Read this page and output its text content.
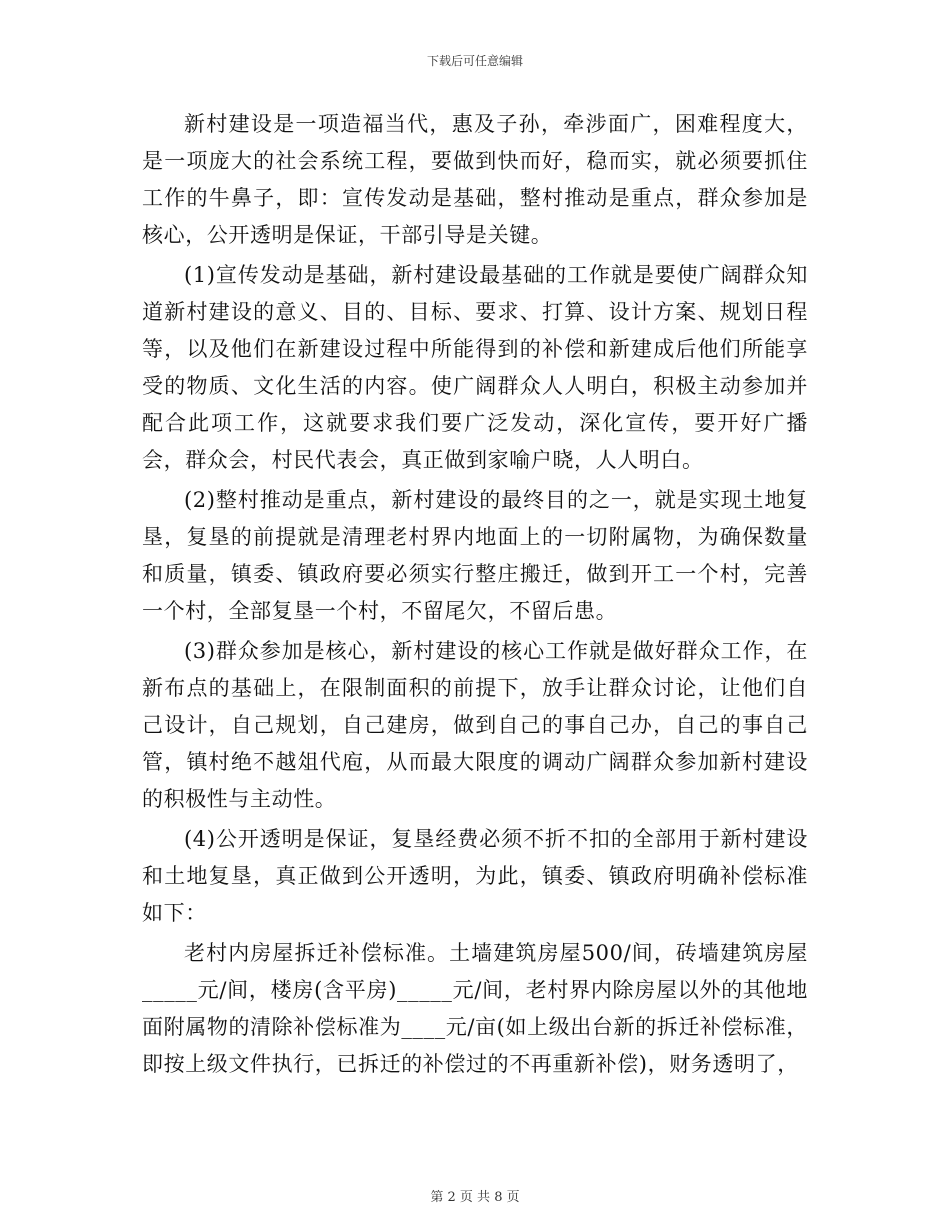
下载后可任意编辑

新村建设是一项造福当代，惠及子孙，牵涉面广，困难程度大，是一项庞大的社会系统工程，要做到快而好，稳而实，就必须要抓住工作的牛鼻子，即：宣传发动是基础，整村推动是重点，群众参加是核心，公开透明是保证，干部引导是关键。

(1)宣传发动是基础，新村建设最基础的工作就是要使广阔群众知道新村建设的意义、目的、目标、要求、打算、设计方案、规划日程等，以及他们在新建设过程中所能得到的补偿和新建成后他们所能享受的物质、文化生活的内容。使广阔群众人人明白，积极主动参加并配合此项工作，这就要求我们要广泛发动，深化宣传，要开好广播会，群众会，村民代表会，真正做到家喻户晓，人人明白。

(2)整村推动是重点，新村建设的最终目的之一，就是实现土地复垦，复垦的前提就是清理老村界内地面上的一切附属物，为确保数量和质量，镇委、镇政府要必须实行整庄搬迁，做到开工一个村，完善一个村，全部复垦一个村，不留尾欠，不留后患。

(3)群众参加是核心，新村建设的核心工作就是做好群众工作，在新布点的基础上，在限制面积的前提下，放手让群众讨论，让他们自己设计，自己规划，自己建房，做到自己的事自己办，自己的事自己管，镇村绝不越俎代庖，从而最大限度的调动广阔群众参加新村建设的积极性与主动性。

(4)公开透明是保证，复垦经费必须不折不扣的全部用于新村建设和土地复垦，真正做到公开透明，为此，镇委、镇政府明确补偿标准如下：

老村内房屋拆迁补偿标准。土墙建筑房屋500/间，砖墙建筑房屋_____元/间，楼房(含平房)_____元/间，老村界内除房屋以外的其他地面附属物的清除补偿标准为____元/亩(如上级出台新的拆迁补偿标准，即按上级文件执行，已拆迁的补偿过的不再重新补偿)，财务透明了，

第 2 页 共 8 页
